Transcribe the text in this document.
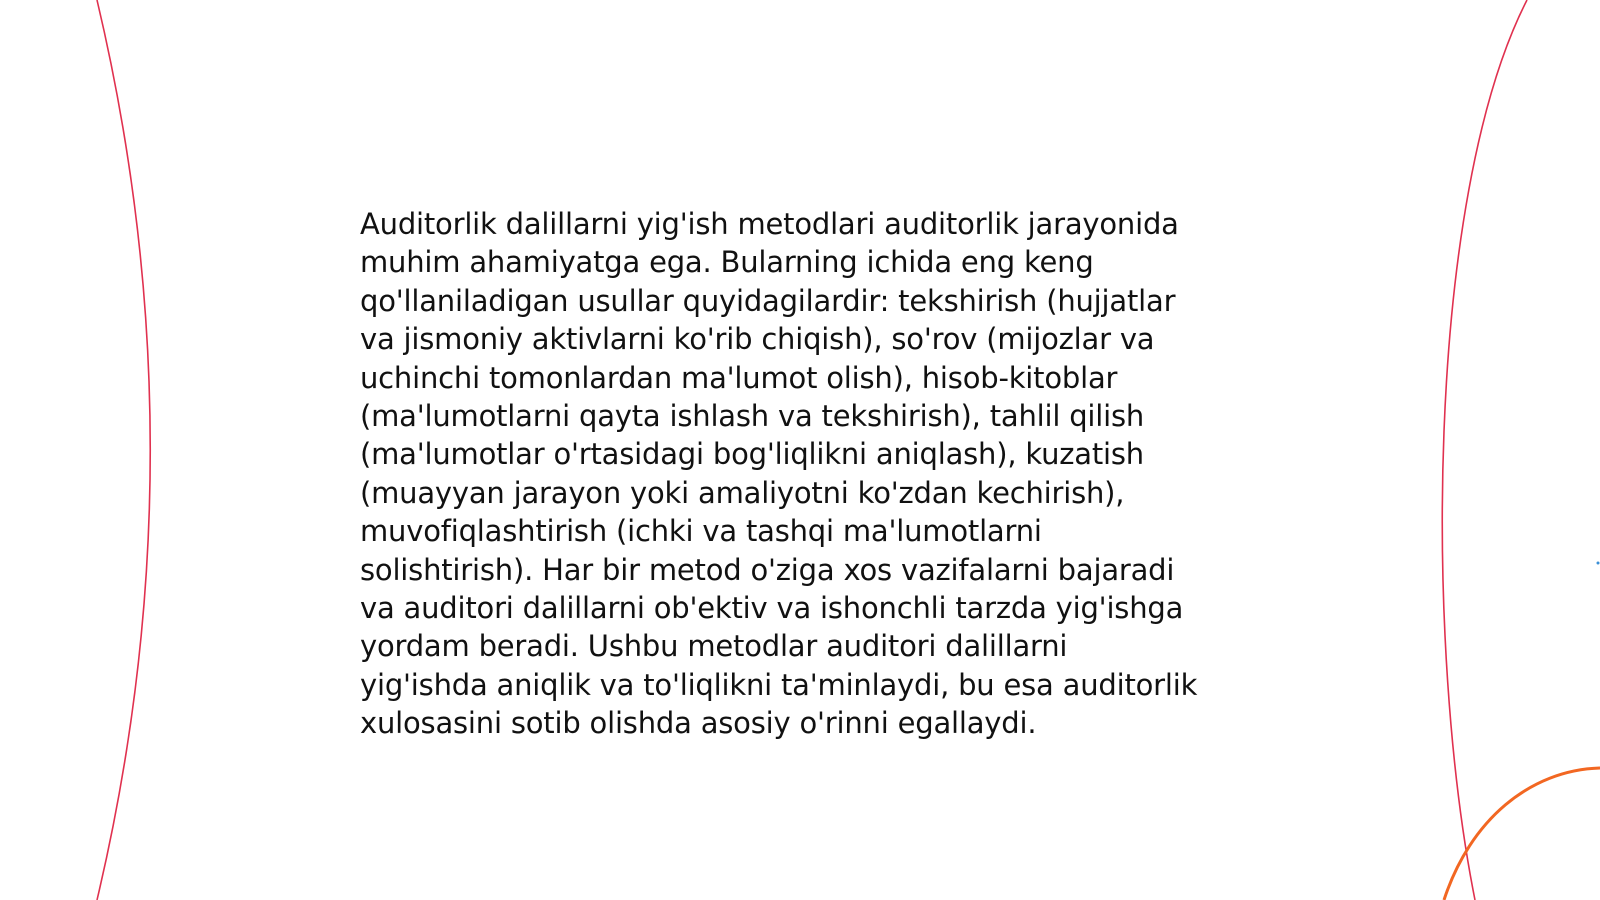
Auditorlik dalillarni yig'ish metodlari auditorlik jarayonida
muhim ahamiyatga ega. Bularning ichida eng keng
qo'llaniladigan usullar quyidagilardir: tekshirish (hujjatlar
va jismoniy aktivlarni ko'rib chiqish), so'rov (mijozlar va
uchinchi tomonlardan ma'lumot olish), hisob-kitoblar
(ma'lumotlarni qayta ishlash va tekshirish), tahlil qilish
(ma'lumotlar o'rtasidagi bog'liqlikni aniqlash), kuzatish
(muayyan jarayon yoki amaliyotni ko'zdan kechirish),
muvofiqlashtirish (ichki va tashqi ma'lumotlarni
solishtirish). Har bir metod o'ziga xos vazifalarni bajaradi
va auditori dalillarni ob'ektiv va ishonchli tarzda yig'ishga
yordam beradi. Ushbu metodlar auditori dalillarni
yig'ishda aniqlik va to'liqlikni ta'minlaydi, bu esa auditorlik
xulosasini sotib olishda asosiy o'rinni egallaydi.
